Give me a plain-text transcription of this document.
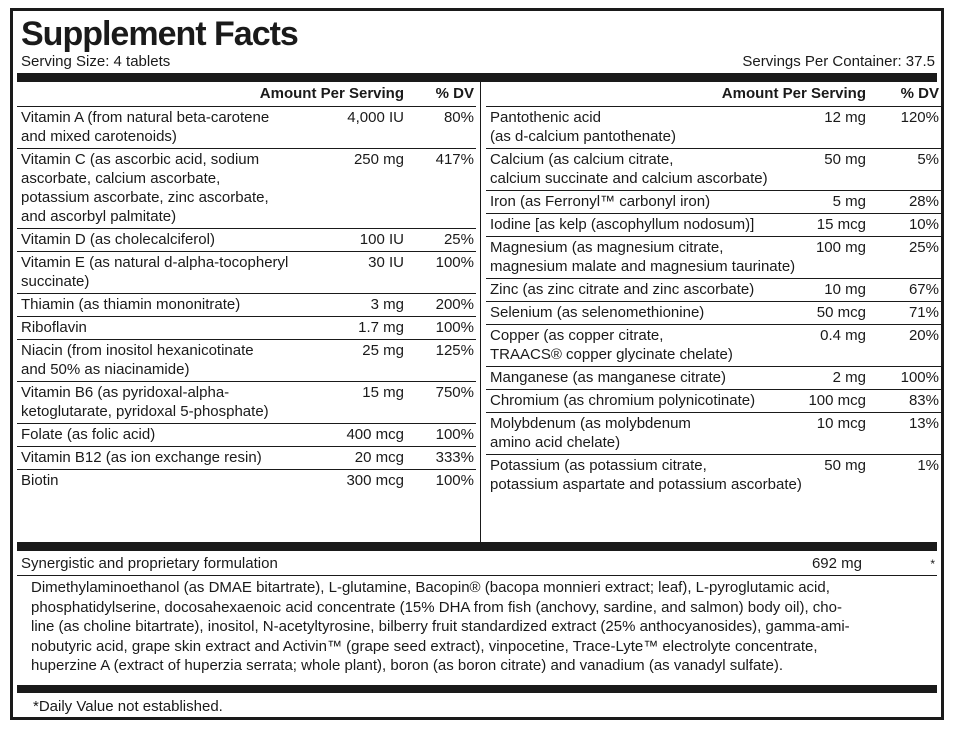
Supplement Facts
Serving Size: 4 tablets	Servings Per Container: 37.5
Amount Per Serving % DV
Vitamin A (from natural beta-carotene
and mixed carotenoids)
4,000 IU	80%
Vitamin C (as ascorbic acid, sodium
ascorbate, calcium ascorbate,
potassium ascorbate, zinc ascorbate,
and ascorbyl palmitate)
250 mg 417%
Vitamin D (as cholecalciferol)	100 IU	25%
Vitamin E (as natural d-alpha-tocopheryl
succinate)
30 IU 100%
Thiamin (as thiamin mononitrate)	3 mg 200%
Riboflavin	1.7 mg 100%
Niacin (from inositol hexanicotinate
and 50% as niacinamide)
25 mg 125%
Vitamin B6 (as pyridoxal-alpha-
ketoglutarate, pyridoxal 5-phosphate)
15 mg 750%
Folate (as folic acid)	400 mcg 100%
Vitamin B12 (as ion exchange resin)	20 mcg 333%
Biotin	300 mcg 100%
Amount Per Serving % DV
Pantothenic acid
(as d-calcium pantothenate)
12 mg 120%
Calcium (as calcium citrate,
calcium succinate and calcium ascorbate)
50 mg	5%
Iron (as Ferronyl™ carbonyl iron)	5 mg	28%
Iodine [as kelp (ascophyllum nodosum)]	15 mcg	10%
Magnesium (as magnesium citrate,
magnesium malate and magnesium taurinate)
100 mg	25%
Zinc (as zinc citrate and zinc ascorbate)	10 mg	67%
Selenium (as selenomethionine)	50 mcg	71%
Copper (as copper citrate,
TRAACS® copper glycinate chelate)
0.4 mg	20%
Manganese (as manganese citrate)	2 mg 100%
Chromium (as chromium polynicotinate)	100 mcg	83%
Molybdenum (as molybdenum
amino acid chelate)
10 mcg	13%
Potassium (as potassium citrate,
potassium aspartate and potassium ascorbate)
50 mg	1%
Synergistic and proprietary formulation	692 mg	*
Dimethylaminoethanol (as DMAE bitartrate), L-glutamine, Bacopin® (bacopa monnieri extract; leaf), L-pyroglutamic acid,
phosphatidylserine, docosahexaenoic acid concentrate (15% DHA from fish (anchovy, sardine, and salmon) body oil), cho-
line (as choline bitartrate), inositol, N-acetyltyrosine, bilberry fruit standardized extract (25% anthocyanosides), gamma-ami-
nobutyric acid, grape skin extract and Activin™ (grape seed extract), vinpocetine, Trace-Lyte™ electrolyte concentrate,
huperzine A (extract of huperzia serrata; whole plant), boron (as boron citrate) and vanadium (as vanadyl sulfate).
*Daily Value not established.
